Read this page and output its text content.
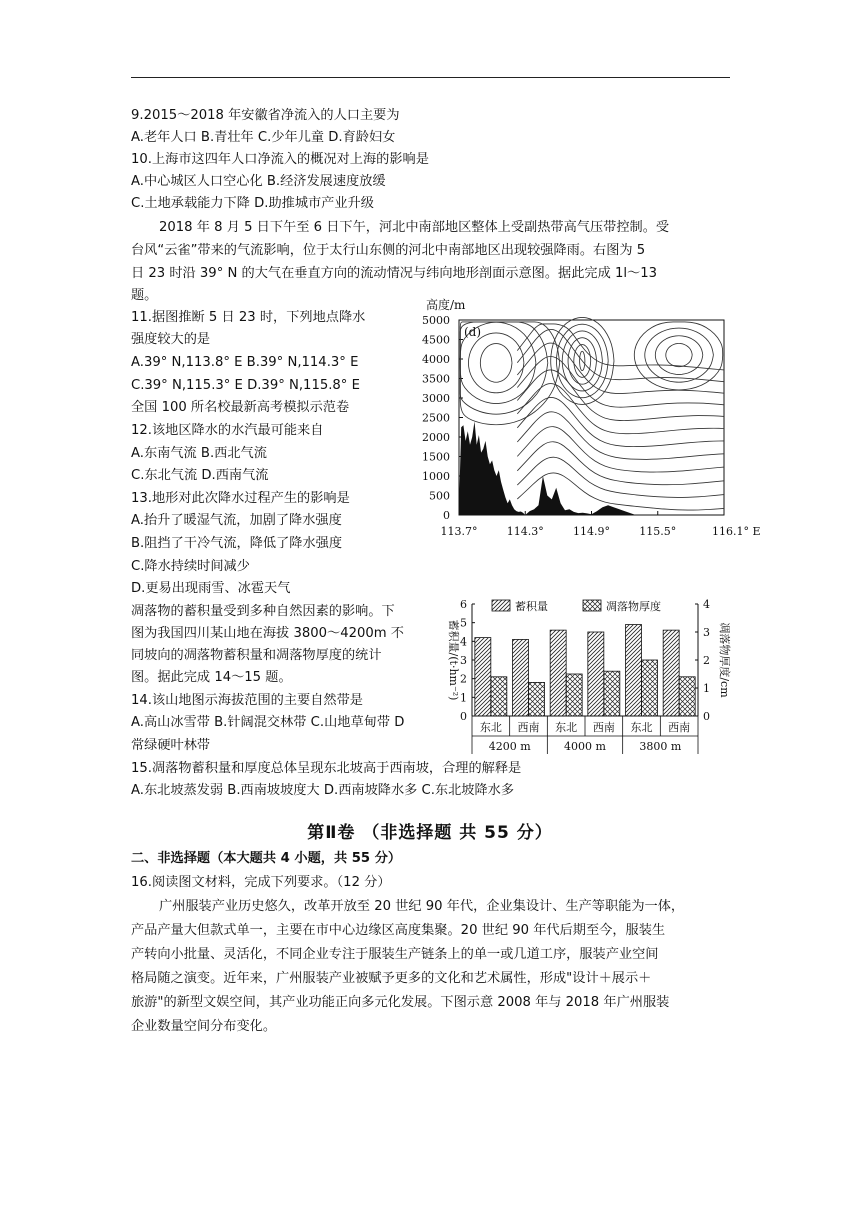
9.2015～2018 年安徽省净流入的人口主要为
A.老年人口 B.青壮年 C.少年儿童 D.育龄妇女
10.上海市这四年人口净流入的概况对上海的影响是
A.中心城区人口空心化 B.经济发展速度放缓
C.土地承载能力下降 D.助推城市产业升级
2018 年 8 月 5 日下午至 6 日下午，河北中南部地区整体上受副热带高气压带控制。受
台风“云雀”带来的气流影响，位于太行山东侧的河北中南部地区出现较强降雨。右图为 5
日 23 时沿 39° N 的大气在垂直方向的流动情况与纬向地形剖面示意图。据此完成 1l～13
题。
11.据图推断 5 日 23 时，下列地点降水
强度较大的是
A.39° N,113.8° E B.39° N,114.3° E
C.39° N,115.3° E D.39° N,115.8° E
全国 100 所名校最新高考模拟示范卷
12.该地区降水的水汽最可能来自
A.东南气流 B.西北气流
C.东北气流 D.西南气流
13.地形对此次降水过程产生的影响是
A.抬升了暖湿气流，加剧了降水强度
B.阻挡了干冷气流，降低了降水强度
C.降水持续时间减少
D.更易出现雨雪、冰雹天气
凋落物的蓄积量受到多种自然因素的影响。下
图为我国四川某山地在海拔 3800～4200m 不
同坡向的凋落物蓄积量和凋落物厚度的统计
图。据此完成 14～15 题。
14.该山地图示海拔范围的主要自然带是
A.高山冰雪带 B.针阔混交林带 C.山地草甸带 D
常绿硬叶林带
15.凋落物蓄积量和厚度总体呈现东北坡高于西南坡，合理的解释是
A.东北坡蒸发弱 B.西南坡坡度大 D.西南坡降水多 C.东北坡降水多
第Ⅱ卷 （非选择题 共 55 分）
二、非选择题（本大题共 4 小题，共 55 分）
16.阅读图文材料，完成下列要求。（12 分）
广州服装产业历史悠久，改革开放至 20 世纪 90 年代，企业集设计、生产等职能为一体，
产品产量大但款式单一，主要在市中心边缘区高度集聚。20 世纪 90 年代后期至今，服装生
产转向小批量、灵活化，不同企业专注于服装生产链条上的单一或几道工序，服装产业空间
格局随之演变。近年来，广州服装产业被赋予更多的文化和艺术属性，形成"设计＋展示＋
旅游"的新型文娱空间，其产业功能正向多元化发展。下图示意 2008 年与 2018 年广州服装
企业数量空间分布变化。
高度/m
5000
4500
4000
3500
3000
2500
2000
1500
1000
500
0
113.7°	114.3°	114.9°	115.5°	116.1° E
(d)
蓄积量/(t·hm⁻²)	凋落物厚度/cm
蓄积量	凋落物厚度
0
1
2
3
4
5
6
0
1
2
3
4
东北 西南 东北 西南 东北 西南
4200 m	4000 m	3800 m
